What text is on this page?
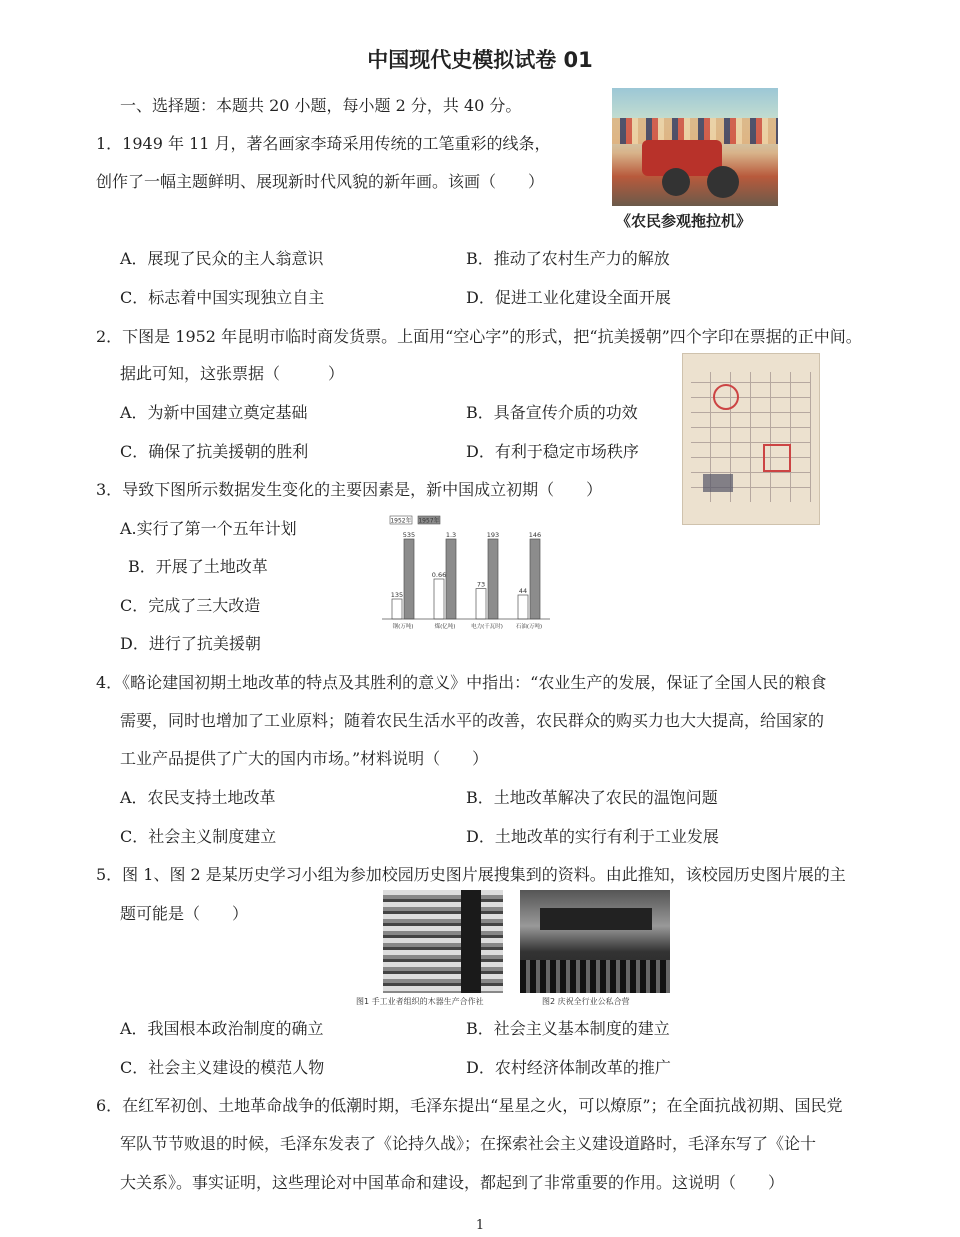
中国现代史模拟试卷 01
一、选择题：本题共 20 小题，每小题 2 分，共 40 分。
1．1949 年 11 月，著名画家李琦采用传统的工笔重彩的线条，
创作了一幅主题鲜明、展现新时代风貌的新年画。该画（　　）
《农民参观拖拉机》
A．展现了民众的主人翁意识	B．推动了农村生产力的解放
C．标志着中国实现独立自主	D．促进工业化建设全面开展
2．下图是 1952 年昆明市临时商发货票。上面用“空心字”的形式，把“抗美援朝”四个字印在票据的正中间。
据此可知，这张票据（　　　）
A．为新中国建立奠定基础	B．具备宣传介质的功效
C．确保了抗美援朝的胜利	D．有利于稳定市场秩序
3．导致下图所示数据发生变化的主要因素是，新中国成立初期（　　）
A.实行了第一个五年计划
B．开展了土地改革
C．完成了三大改造
D．进行了抗美援朝
1952年 1957年
135
535
0.66
1.3
73
193
44
146
钢(万吨)	煤(亿吨)	电力(千瓦时) 石油(万吨)
4．《略论建国初期土地改革的特点及其胜利的意义》中指出：“农业生产的发展，保证了全国人民的粮食
需要，同时也增加了工业原料；随着农民生活水平的改善，农民群众的购买力也大大提高，给国家的
工业产品提供了广大的国内市场。”材料说明（　　）
A．农民支持土地改革	B．土地改革解决了农民的温饱问题
C．社会主义制度建立	D．土地改革的实行有利于工业发展
5．图 1、图 2 是某历史学习小组为参加校园历史图片展搜集到的资料。由此推知，该校园历史图片展的主
题可能是（　　）
图1 手工业者组织的木器生产合作社	图2 庆祝全行业公私合营
A．我国根本政治制度的确立	B．社会主义基本制度的建立
C．社会主义建设的模范人物	D．农村经济体制改革的推广
6．在红军初创、土地革命战争的低潮时期，毛泽东提出“星星之火，可以燎原”；在全面抗战初期、国民党
军队节节败退的时候，毛泽东发表了《论持久战》；在探索社会主义建设道路时，毛泽东写了《论十
大关系》。事实证明，这些理论对中国革命和建设，都起到了非常重要的作用。这说明（　　）
1
